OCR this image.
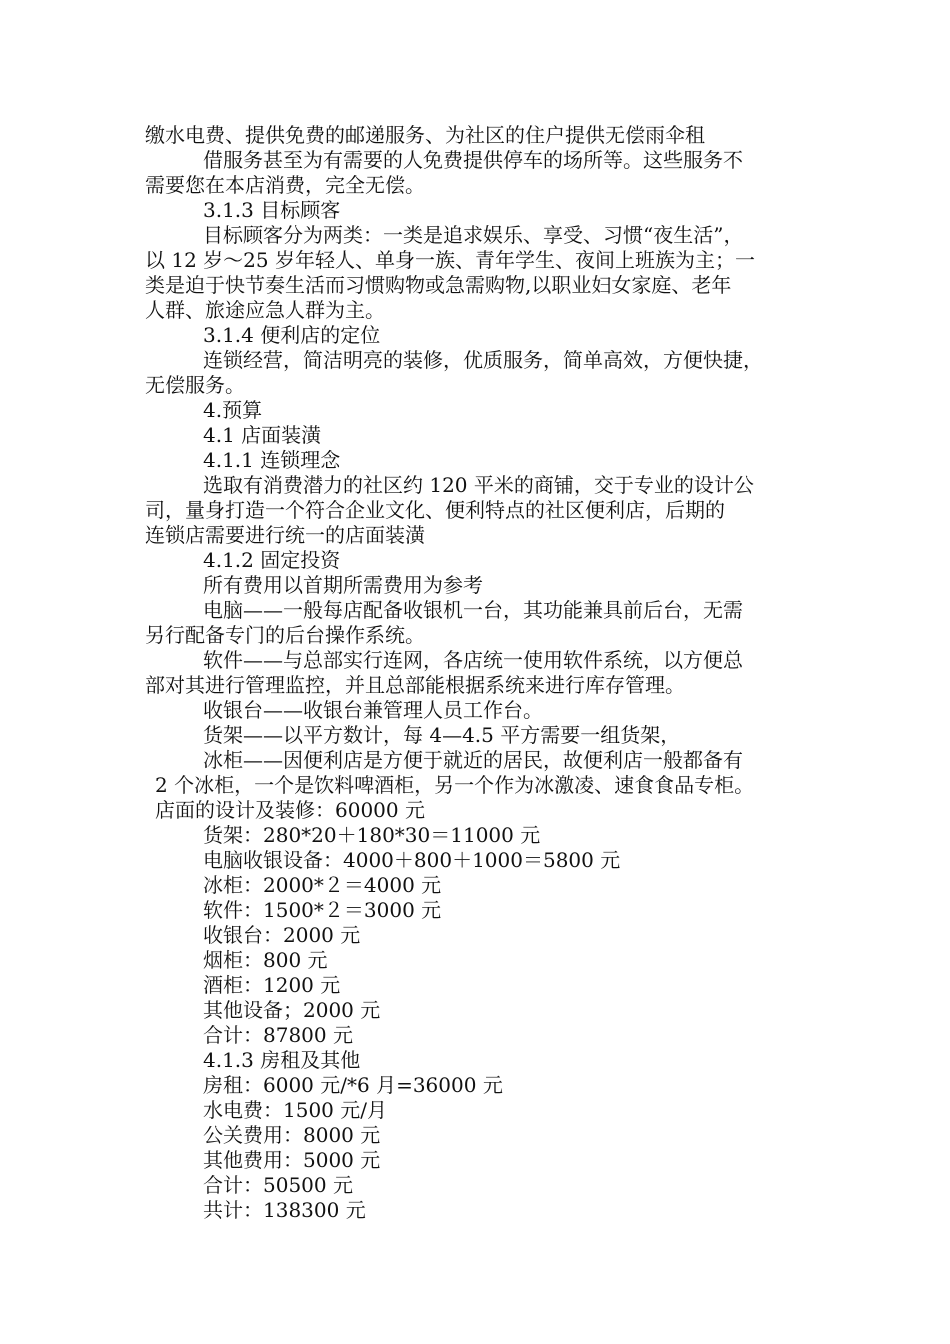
缴水电费、提供免费的邮递服务、为社区的住户提供无偿雨伞租
借服务甚至为有需要的人免费提供停车的场所等。这些服务不
需要您在本店消费，完全无偿。
3.1.3 目标顾客
目标顾客分为两类：一类是追求娱乐、享受、习惯“夜生活”，
以 12 岁～25 岁年轻人、单身一族、青年学生、夜间上班族为主；一
类是迫于快节奏生活而习惯购物或急需购物,以职业妇女家庭、老年
人群、旅途应急人群为主。
3.1.4 便利店的定位
连锁经营，简洁明亮的装修，优质服务，简单高效，方便快捷，
无偿服务。
4.预算
4.1 店面装潢
4.1.1 连锁理念
选取有消费潜力的社区约 120 平米的商铺，交于专业的设计公
司，量身打造一个符合企业文化、便利特点的社区便利店，后期的
连锁店需要进行统一的店面装潢
4.1.2 固定投资
所有费用以首期所需费用为参考
电脑——一般每店配备收银机一台，其功能兼具前后台，无需
另行配备专门的后台操作系统。
软件——与总部实行连网，各店统一使用软件系统，以方便总
部对其进行管理监控，并且总部能根据系统来进行库存管理。
收银台——收银台兼管理人员工作台。
货架——以平方数计，每 4—4.5 平方需要一组货架，
冰柜——因便利店是方便于就近的居民，故便利店一般都备有
2 个冰柜，一个是饮料啤酒柜，另一个作为冰激凌、速食食品专柜。
店面的设计及装修：60000 元
货架：280*20＋180*30＝11000 元
电脑收银设备：4000＋800＋1000＝5800 元
冰柜：2000*２＝4000 元
软件：1500*２＝3000 元
收银台：2000 元
烟柜：800 元
酒柜：1200 元
其他设备；2000 元
合计：87800 元
4.1.3 房租及其他
房租：6000 元/*6 月=36000 元
水电费：1500 元/月
公关费用：8000 元
其他费用：5000 元
合计：50500 元
共计：138300 元
